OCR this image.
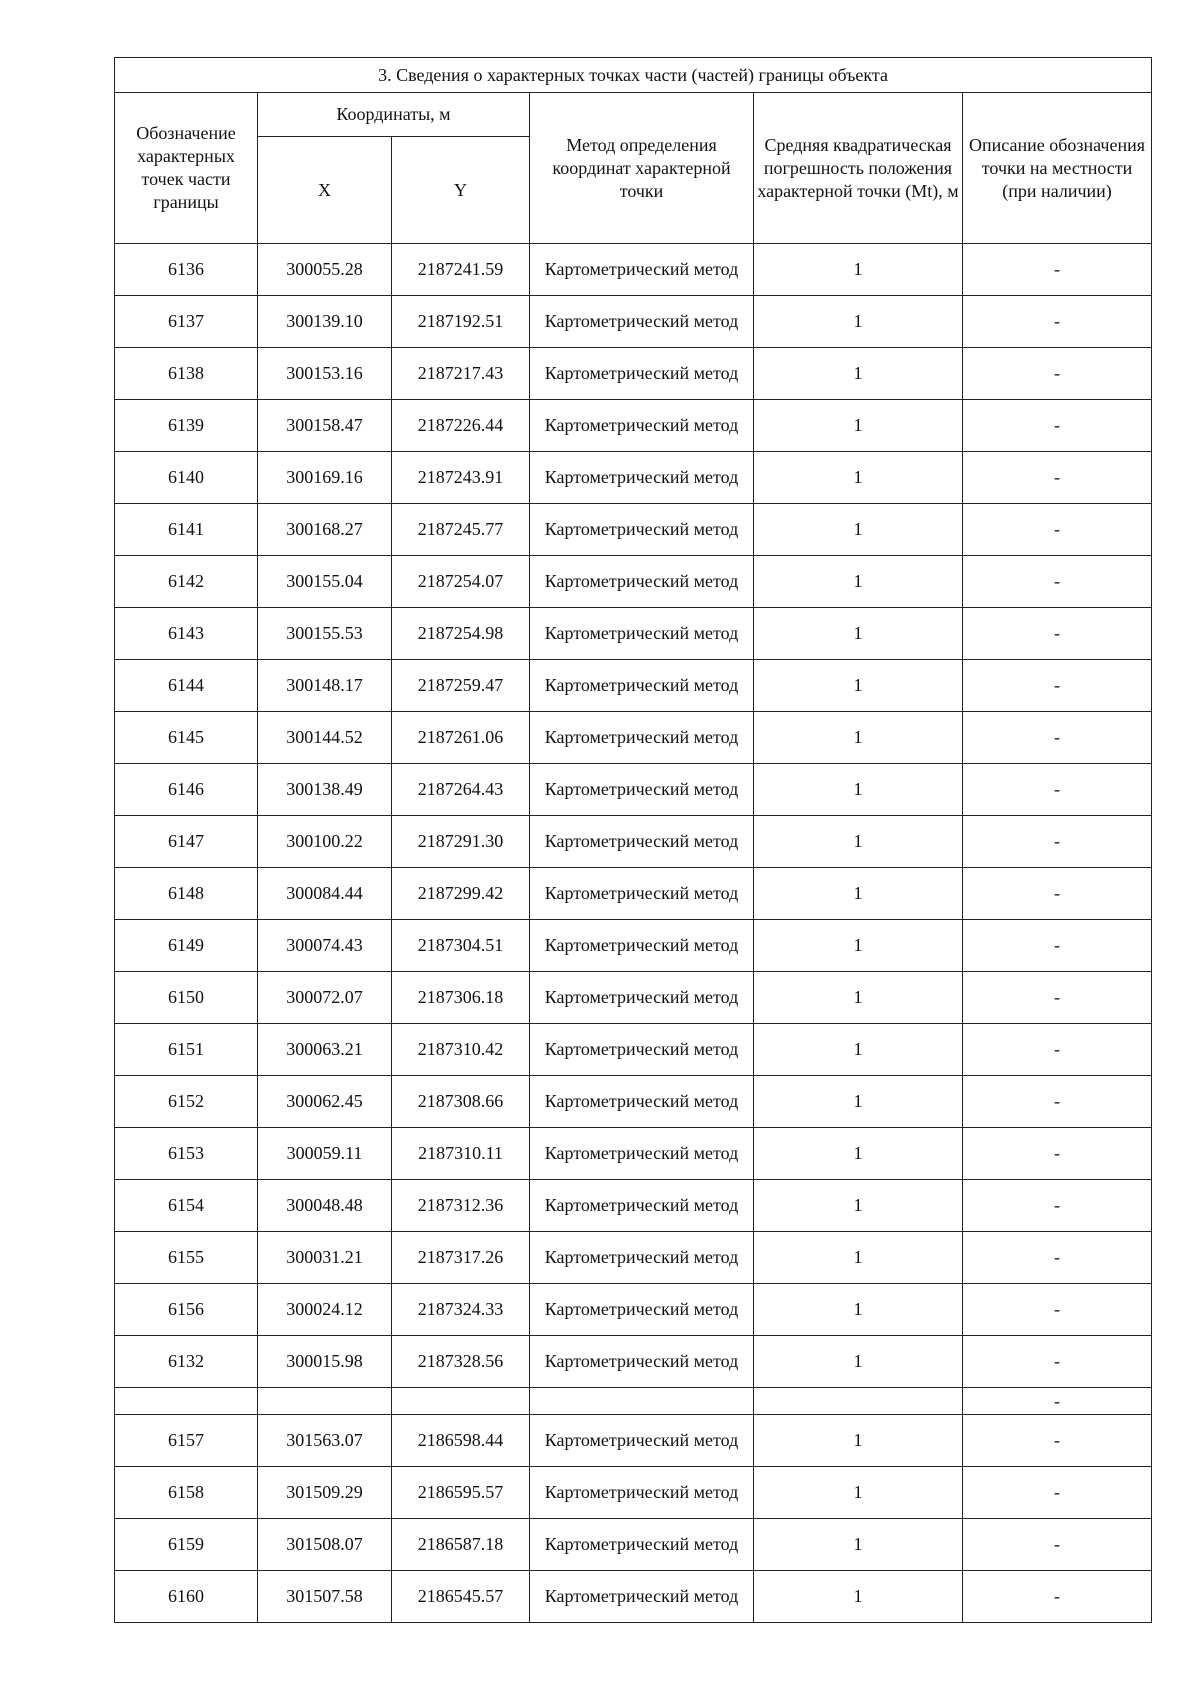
3. Сведения о характерных точках части (частей) границы объекта					
Обозначение характерных точек части границы	Координаты, м		Метод определения координат характерной точки	Средняя квадратическая погрешность положения характерной точки (Mt), м	Описание обозначения точки на местности (при наличии)
	X	Y			
6136	300055.28	2187241.59	Картометрический метод	1	-
6137	300139.10	2187192.51	Картометрический метод	1	-
6138	300153.16	2187217.43	Картометрический метод	1	-
6139	300158.47	2187226.44	Картометрический метод	1	-
6140	300169.16	2187243.91	Картометрический метод	1	-
6141	300168.27	2187245.77	Картометрический метод	1	-
6142	300155.04	2187254.07	Картометрический метод	1	-
6143	300155.53	2187254.98	Картометрический метод	1	-
6144	300148.17	2187259.47	Картометрический метод	1	-
6145	300144.52	2187261.06	Картометрический метод	1	-
6146	300138.49	2187264.43	Картометрический метод	1	-
6147	300100.22	2187291.30	Картометрический метод	1	-
6148	300084.44	2187299.42	Картометрический метод	1	-
6149	300074.43	2187304.51	Картометрический метод	1	-
6150	300072.07	2187306.18	Картометрический метод	1	-
6151	300063.21	2187310.42	Картометрический метод	1	-
6152	300062.45	2187308.66	Картометрический метод	1	-
6153	300059.11	2187310.11	Картометрический метод	1	-
6154	300048.48	2187312.36	Картометрический метод	1	-
6155	300031.21	2187317.26	Картометрический метод	1	-
6156	300024.12	2187324.33	Картометрический метод	1	-
6132	300015.98	2187328.56	Картометрический метод	1	-
					-
6157	301563.07	2186598.44	Картометрический метод	1	-
6158	301509.29	2186595.57	Картометрический метод	1	-
6159	301508.07	2186587.18	Картометрический метод	1	-
6160	301507.58	2186545.57	Картометрический метод	1	-
